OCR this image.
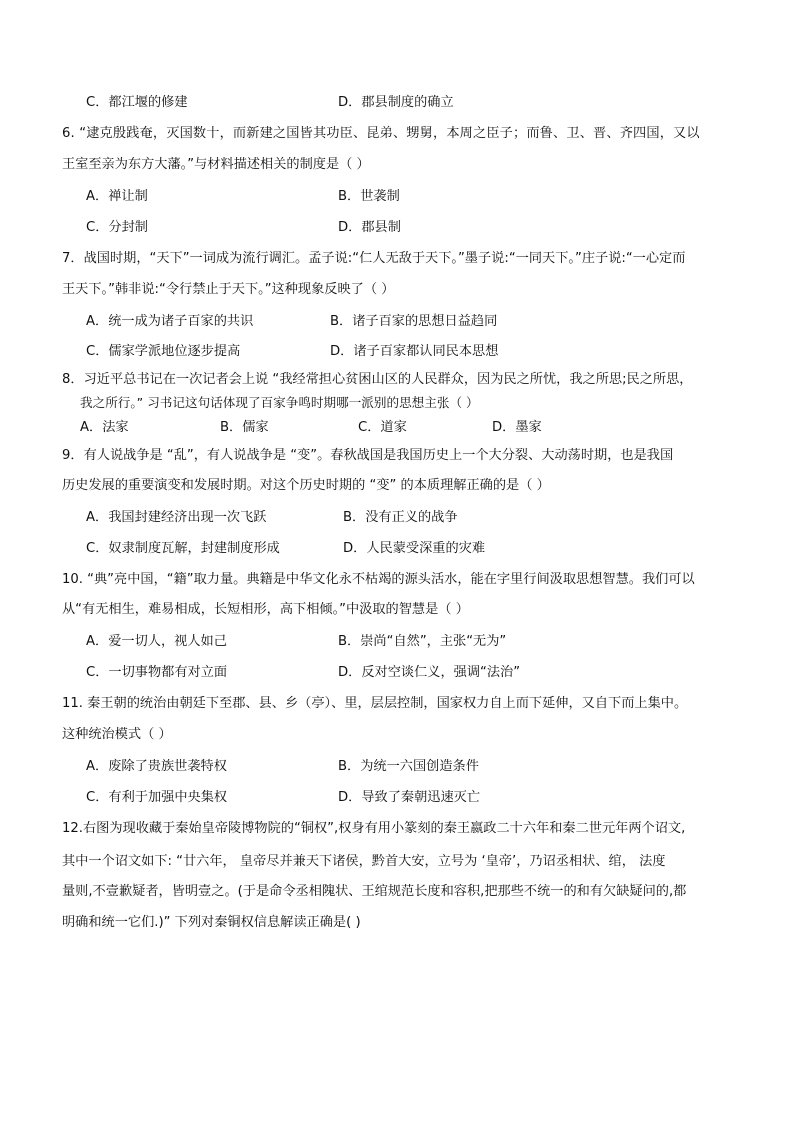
C．都江堰的修建	D．郡县制度的确立
6. “逮克殷践奄，灭国数十，而新建之国皆其功臣、昆弟、甥舅，本周之臣子；而鲁、卫、晋、齐四国，又以
王室至亲为东方大藩。”与材料描述相关的制度是（ ）
A．禅让制	B．世袭制
C．分封制	D．郡县制
7．战国时期，“天下”一词成为流行调汇。孟子说:“仁人无敌于天下。”墨子说:“一同天下。”庄子说:“一心定而
王天下。”韩非说:“令行禁止于天下。”这种现象反映了（ ）
A．统一成为诸子百家的共识	B．诸子百家的思想日益趋同
C．儒家学派地位逐步提高	D．诸子百家都认同民本思想
8．习近平总书记在一次记者会上说 “我经常担心贫困山区的人民群众，因为民之所忧，我之所思;民之所思，
我之所行。” 习书记这句话体现了百家争鸣时期哪一派别的思想主张（ ）
A．法家	B．儒家	C．道家	D．墨家
9．有人说战争是 “乱”，有人说战争是 “变”。春秋战国是我国历史上一个大分裂、大动荡时期，也是我国
历史发展的重要演变和发展时期。对这个历史时期的 “变” 的本质理解正确的是（ ）
A．我国封建经济出现一次飞跃	B．没有正义的战争
C．奴隶制度瓦解，封建制度形成	D．人民蒙受深重的灾难
10. “典”亮中国，“籍”取力量。典籍是中华文化永不枯竭的源头活水，能在字里行间汲取思想智慧。我们可以
从“有无相生，难易相成，长短相形，高下相倾。”中汲取的智慧是（ ）
A．爱一切人，视人如己	B．崇尚“自然”，主张“无为”
C．一切事物都有对立面	D．反对空谈仁义，强调“法治”
11. 秦王朝的统治由朝廷下至郡、县、乡（亭）、里，层层控制，国家权力自上而下延伸，又自下而上集中。
这种统治模式（ ）
A．废除了贵族世袭特权	B．为统一六国创造条件
C．有利于加强中央集权	D．导致了秦朝迅速灭亡
12.右图为现收藏于秦始皇帝陵博物院的“铜权”,权身有用小篆刻的秦王嬴政二十六年和秦二世元年两个诏文,
其中一个诏文如下: “廿六年， 皇帝尽并兼天下诸侯，黔首大安，立号为 ‘皇帝’，乃诏丞相状、绾， 法度
量则,不壹歉疑者，皆明壹之。(于是命令丞相隗状、王绾规范长度和容积,把那些不统一的和有欠缺疑问的,都
明确和统一它们.)” 下列对秦铜权信息解读正确是( )
